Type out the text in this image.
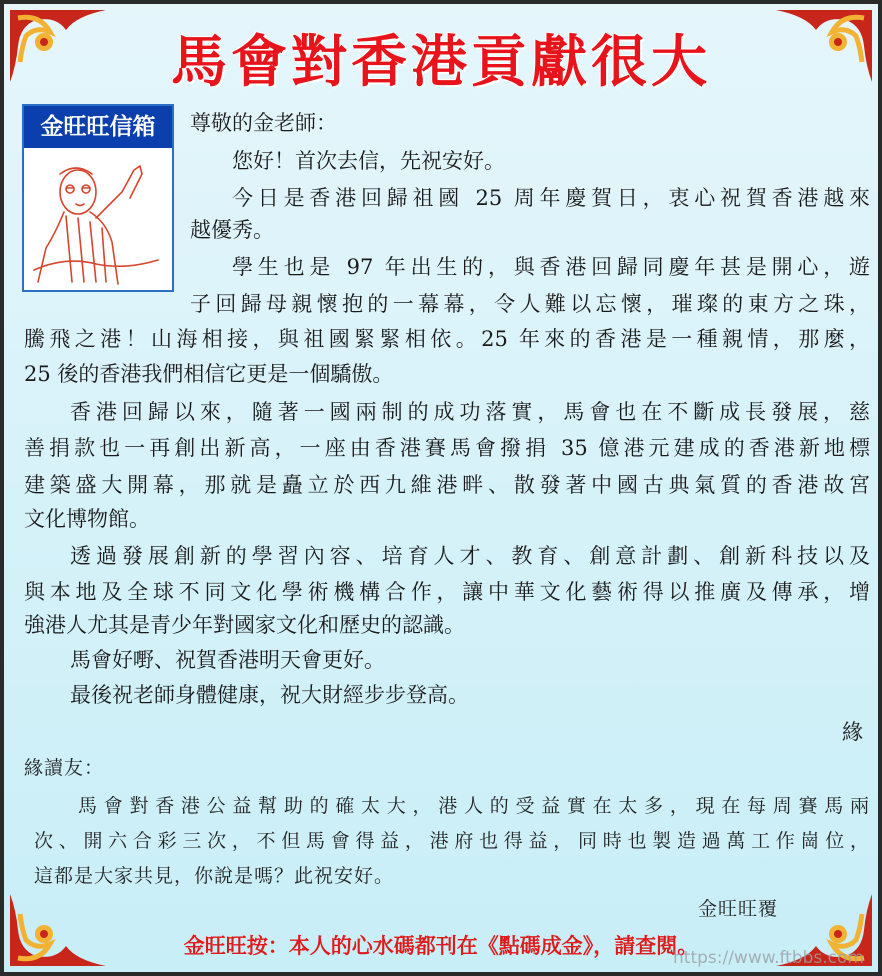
馬會對香港貢獻很大
金旺旺信箱	尊敬的金老師：
您好！首次去信，先祝安好。
今日是香港回歸祖國 25 周年慶賀日，衷心祝賀香港越來
越優秀。
學生也是 97 年出生的，與香港回歸同慶年甚是開心，遊
子回歸母親懷抱的一幕幕，令人難以忘懷，璀璨的東方之珠，
騰飛之港！山海相接，與祖國緊緊相依。25 年來的香港是一種親情，那麼，
25 後的香港我們相信它更是一個驕傲。
香港回歸以來，隨著一國兩制的成功落實，馬會也在不斷成長發展，慈
善捐款也一再創出新高，一座由香港賽馬會撥捐 35 億港元建成的香港新地標
建築盛大開幕，那就是矗立於西九維港畔、散發著中國古典氣質的香港故宮
文化博物館。
透過發展創新的學習內容、培育人才、教育、創意計劃、創新科技以及
與本地及全球不同文化學術機構合作，讓中華文化藝術得以推廣及傳承，增
強港人尤其是青少年對國家文化和歷史的認識。
馬會好嘢、祝賀香港明天會更好。
最後祝老師身體健康，祝大財經步步登高。
緣
緣讀友：
馬會對香港公益幫助的確太大，港人的受益實在太多，現在每周賽馬兩
次、開六合彩三次，不但馬會得益，港府也得益，同時也製造過萬工作崗位，
這都是大家共見，你說是嗎？此祝安好。
金旺旺覆
金旺旺按：本人的心水碼都刊在《點碼成金》，請查閱。
https://www.ftbbs.com
